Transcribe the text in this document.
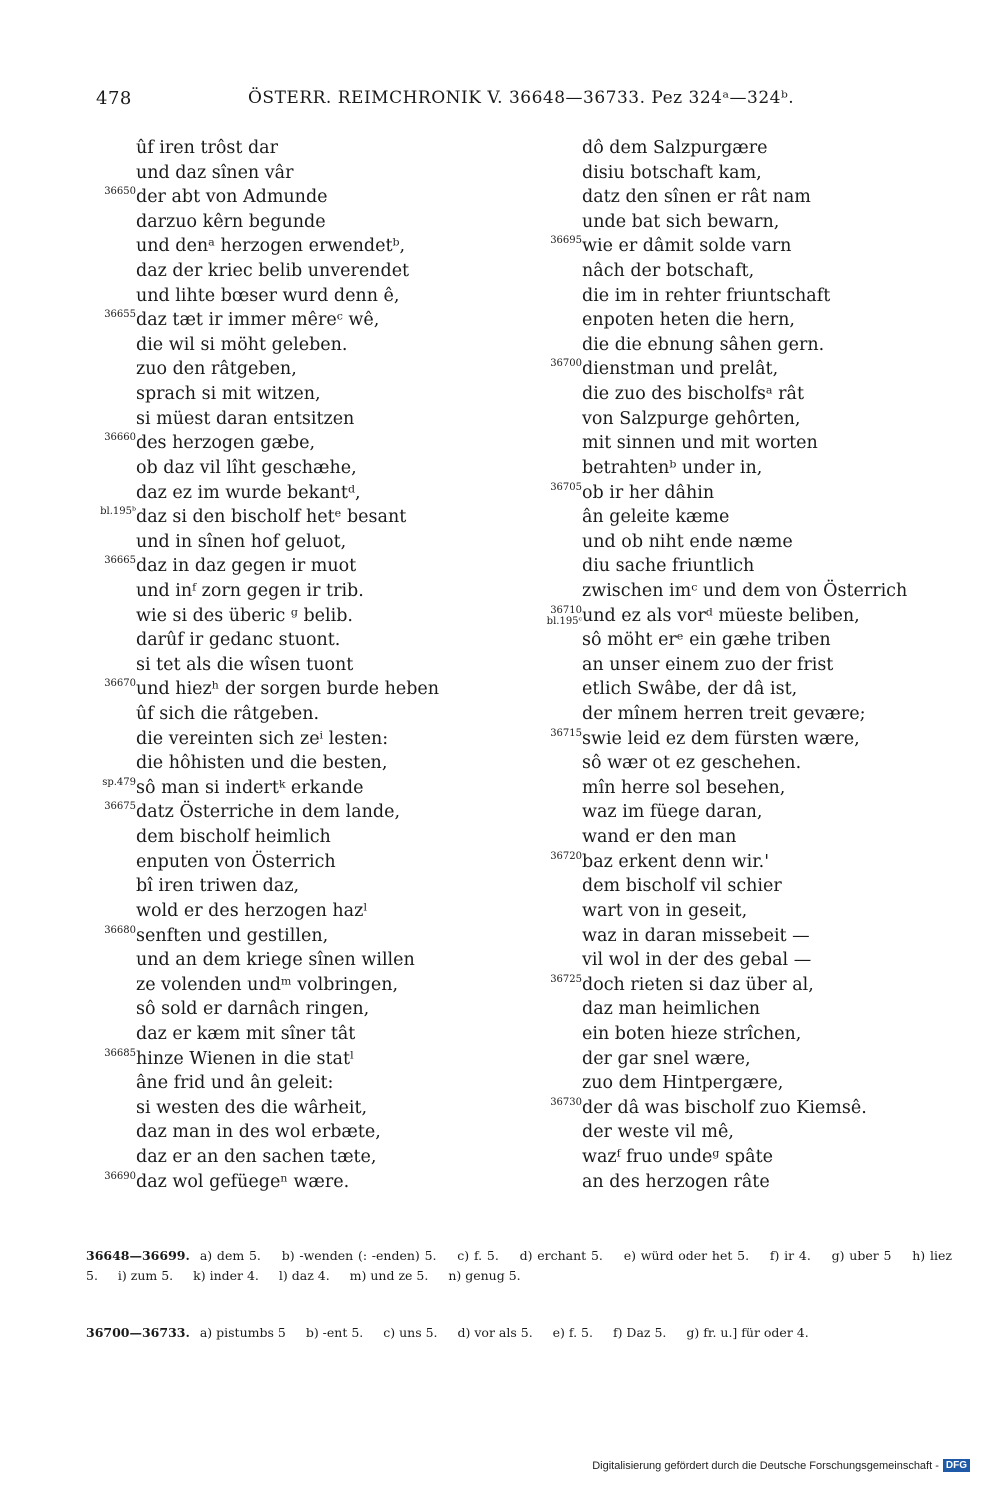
478	ÖSTERR. REIMCHRONIK V. 36648—36733. Pez 324ᵃ—324ᵇ.
ûf iren trôst dar
und daz sînen vâr
36650 der abt von Admunde
darzuo kêrn begunde
und denᵃ herzogen erwendetᵇ,
daz der kriec belib unverendet
und lihte bœser wurd denn ê,
36655 daz tæt ir immer mêreᶜ wê,
die wil si möht geleben.
zuo den râtgeben,
sprach si mit witzen,
si müest daran entsitzen
36660 des herzogen gæbe,
ob daz vil lîht geschæhe,
daz ez im wurde bekantᵈ,
bl.195ᵇ daz si den bischolf hetᵉ besant
und in sînen hof geluot,
36665 daz in daz gegen ir muot
und inᶠ zorn gegen ir trib.
wie si des überic ᵍ belib.
darûf ir gedanc stuont.
si tet als die wîsen tuont
36670 und hiezʰ der sorgen burde heben
ûf sich die râtgeben.
die vereinten sich zeⁱ lesten:
die hôhisten und die besten,
sp.479 sô man si indertᵏ erkande
36675 datz Österriche in dem lande,
dem bischolf heimlich
enputen von Österrich
bî iren triwen daz,
wold er des herzogen hazˡ
36680 senften und gestillen,
und an dem kriege sînen willen
ze volenden undᵐ volbringen,
sô sold er darnâch ringen,
daz er kæm mit sîner tât
36685 hinze Wienen in die statˡ
âne frid und ân geleit:
si westen des die wârheit,
daz man in des wol erbæte,
daz er an den sachen tæte,
36690 daz wol gefüegeⁿ wære.
dô dem Salzpurgære
disiu botschaft kam,
datz den sînen er rât nam
unde bat sich bewarn,
36695 wie er dâmit solde varn
nâch der botschaft,
die im in rehter friuntschaft
enpoten heten die hern,
die die ebnung sâhen gern.
36700 dienstman und prelât,
die zuo des bischolfsᵃ rât
von Salzpurge gehôrten,
mit sinnen und mit worten
betrahtenᵇ under in,
36705 ob ir her dâhin
ân geleite kæme
und ob niht ende næme
diu sache friuntlich
zwischen imᶜ und dem von Österrich
36710 bl.195ᶜ und ez als vorᵈ müeste beliben,
sô möht erᵉ ein gæhe triben
an unser einem zuo der frist
etlich Swâbe, der dâ ist,
der mînem herren treit gevære;
36715 swie leid ez dem fürsten wære,
sô wær ot ez geschehen.
mîn herre sol besehen,
waz im füege daran,
wand er den man
36720 baz erkent denn wir.'
dem bischolf vil schier
wart von in geseit,
waz in daran missebeit —
vil wol in der des gebal —
36725 doch rieten si daz über al,
daz man heimlichen
ein boten hieze strîchen,
der gar snel wære,
zuo dem Hintpergære,
36730 der dâ was bischolf zuo Kiemsê.
der weste vil mê,
wazᶠ fruo undeᵍ spâte
an des herzogen râte
36648—36699. a) dem 5. b) -wenden (: -enden) 5. c) f. 5. d) erchant 5. e) würd oder het 5. f) ir 4. g) uber 5 h) liez 5. i) zum 5. k) inder 4. l) daz 4. m) und ze 5. n) genug 5.
36700—36733. a) pistumbs 5 b) -ent 5. c) uns 5. d) vor als 5. e) f. 5. f) Daz 5. g) fr. u.] für oder 4.
Digitalisierung gefördert durch die Deutsche Forschungsgemeinschaft - DFG
